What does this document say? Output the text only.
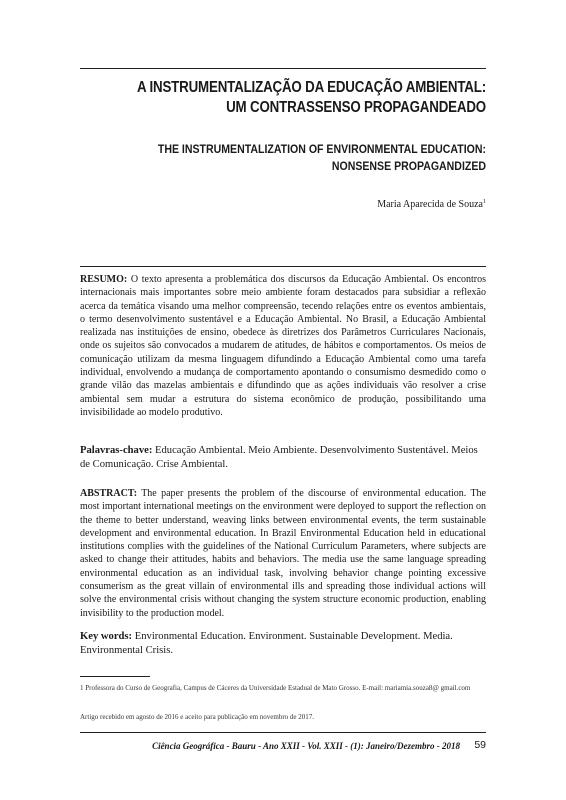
A INSTRUMENTALIZAÇÃO DA EDUCAÇÃO AMBIENTAL:
UM CONTRASSENSO PROPAGANDEADO
THE INSTRUMENTALIZATION OF ENVIRONMENTAL EDUCATION:
NONSENSE PROPAGANDIZED
Maria Aparecida de Souza$^1$
RESUMO: O texto apresenta a problemática dos discursos da Educação Ambiental. Os encontros internacionais mais importantes sobre meio ambiente foram destacados para subsidiar a reflexão acerca da temática visando uma melhor compreensão, tecendo relações entre os eventos ambientais, o termo desenvolvimento sustentável e a Educação Ambiental. No Brasil, a Educação Ambiental realizada nas instituições de ensino, obedece às diretrizes dos Parâmetros Curriculares Nacionais, onde os sujeitos são convocados a mudarem de atitudes, de hábitos e comportamentos. Os meios de comunicação utilizam da mesma linguagem difundindo a Educação Ambiental como uma tarefa individual, envolvendo a mudança de comportamento apontando o consumismo desmedido como o grande vilão das mazelas ambientais e difundindo que as ações individuais vão resolver a crise ambiental sem mudar a estrutura do sistema econômico de produção, possibilitando uma invisibilidade ao modelo produtivo.
Palavras-chave: Educação Ambiental. Meio Ambiente. Desenvolvimento Sustentável. Meios de Comunicação. Crise Ambiental.
ABSTRACT: The paper presents the problem of the discourse of environmental education. The most important international meetings on the environment were deployed to support the reflection on the theme to better understand, weaving links between environmental events, the term sustainable development and environmental education. In Brazil Environmental Education held in educational institutions complies with the guidelines of the National Curriculum Parameters, where subjects are asked to change their attitudes, habits and behaviors. The media use the same language spreading environmental education as an individual task, involving behavior change pointing excessive consumerism as the great villain of environmental ills and spreading those individual actions will solve the environmental crisis without changing the system structure economic production, enabling invisibility to the production model.
Key words: Environmental Education. Environment. Sustainable Development. Media. Environmental Crisis.
1 Professora do Curso de Geografia, Campus de Cáceres da Universidade Estadual de Mato Grosso. E-mail: mariamia.souza8@ gmail.com
Artigo recebido em agosto de 2016 e aceito para publicação em novembro de 2017.
Ciência Geográfica - Bauru - Ano XXII - Vol. XXII - (1): Janeiro/Dezembro - 2018	59
